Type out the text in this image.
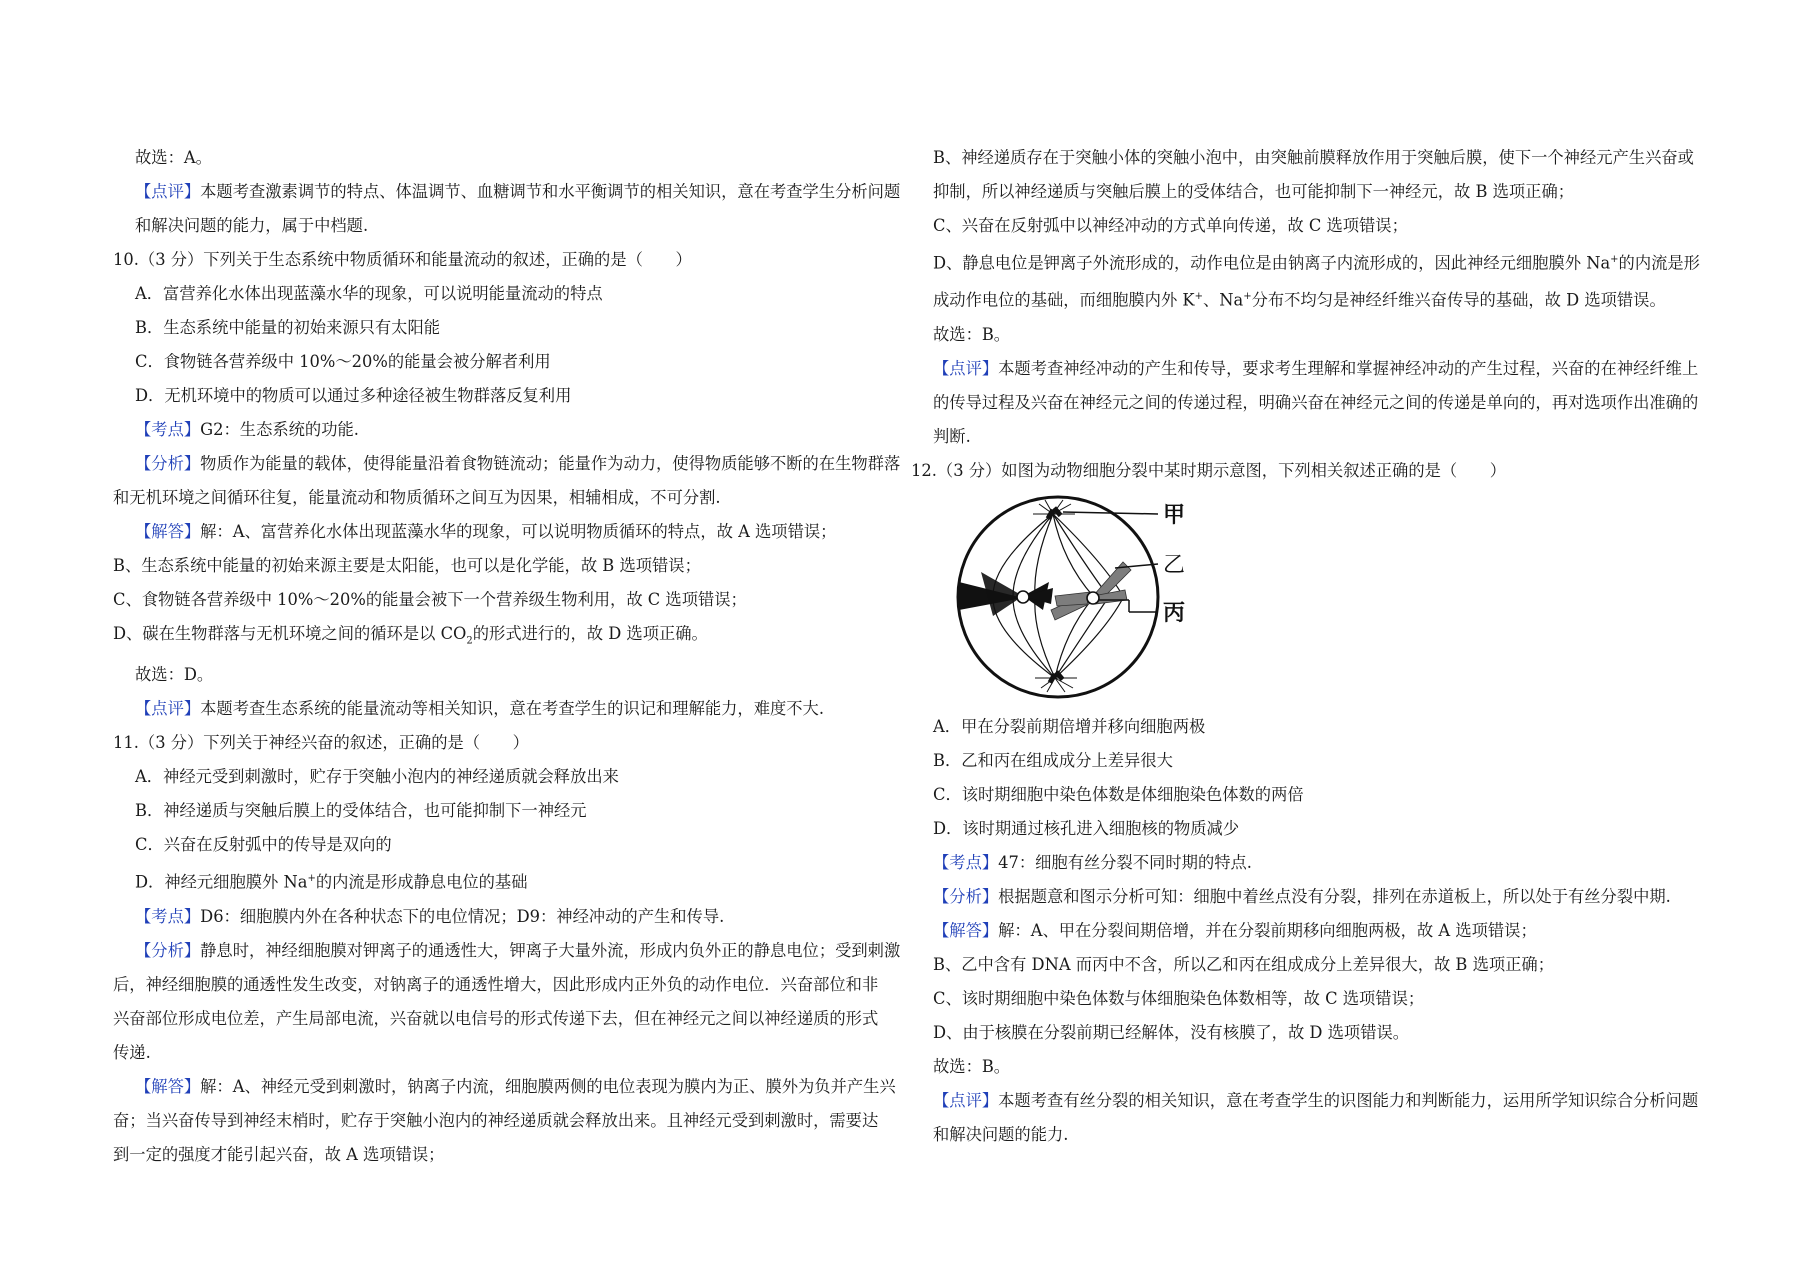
故选：A。
【点评】本题考查激素调节的特点、体温调节、血糖调节和水平衡调节的相关知识，意在考查学生分析问题
和解决问题的能力，属于中档题.
10.（3 分）下列关于生态系统中物质循环和能量流动的叙述，正确的是（　　）
A．富营养化水体出现蓝藻水华的现象，可以说明能量流动的特点
B．生态系统中能量的初始来源只有太阳能
C．食物链各营养级中 10%～20%的能量会被分解者利用
D．无机环境中的物质可以通过多种途径被生物群落反复利用
【考点】G2：生态系统的功能.
【分析】物质作为能量的载体，使得能量沿着食物链流动；能量作为动力，使得物质能够不断的在生物群落
和无机环境之间循环往复，能量流动和物质循环之间互为因果，相辅相成，不可分割.
【解答】解：A、富营养化水体出现蓝藻水华的现象，可以说明物质循环的特点，故 A 选项错误；
B、生态系统中能量的初始来源主要是太阳能，也可以是化学能，故 B 选项错误；
C、食物链各营养级中 10%～20%的能量会被下一个营养级生物利用，故 C 选项错误；
D、碳在生物群落与无机环境之间的循环是以 $CO_2$的形式进行的，故 D 选项正确。
故选：D。
【点评】本题考查生态系统的能量流动等相关知识，意在考查学生的识记和理解能力，难度不大.
11.（3 分）下列关于神经兴奋的叙述，正确的是（　　）
A．神经元受到刺激时，贮存于突触小泡内的神经递质就会释放出来
B．神经递质与突触后膜上的受体结合，也可能抑制下一神经元
C．兴奋在反射弧中的传导是双向的
D．神经元细胞膜外 Na+的内流是形成静息电位的基础
【考点】D6：细胞膜内外在各种状态下的电位情况；D9：神经冲动的产生和传导.
【分析】静息时，神经细胞膜对钾离子的通透性大，钾离子大量外流，形成内负外正的静息电位；受到刺激
后，神经细胞膜的通透性发生改变，对钠离子的通透性增大，因此形成内正外负的动作电位．兴奋部位和非
兴奋部位形成电位差，产生局部电流，兴奋就以电信号的形式传递下去，但在神经元之间以神经递质的形式
传递.
【解答】解：A、神经元受到刺激时，钠离子内流，细胞膜两侧的电位表现为膜内为正、膜外为负并产生兴
奋；当兴奋传导到神经末梢时，贮存于突触小泡内的神经递质就会释放出来。且神经元受到刺激时，需要达
到一定的强度才能引起兴奋，故 A 选项错误；
B、神经递质存在于突触小体的突触小泡中，由突触前膜释放作用于突触后膜，使下一个神经元产生兴奋或
抑制，所以神经递质与突触后膜上的受体结合，也可能抑制下一神经元，故 B 选项正确；
C、兴奋在反射弧中以神经冲动的方式单向传递，故 C 选项错误；
D、静息电位是钾离子外流形成的，动作电位是由钠离子内流形成的，因此神经元细胞膜外 Na+的内流是形
成动作电位的基础，而细胞膜内外 K+、Na+分布不均匀是神经纤维兴奋传导的基础，故 D 选项错误。
故选：B。
【点评】本题考查神经冲动的产生和传导，要求考生理解和掌握神经冲动的产生过程，兴奋的在神经纤维上
的传导过程及兴奋在神经元之间的传递过程，明确兴奋在神经元之间的传递是单向的，再对选项作出准确的
判断.
12.（3 分）如图为动物细胞分裂中某时期示意图，下列相关叙述正确的是（　　）
甲
乙
丙
A．甲在分裂前期倍增并移向细胞两极
B．乙和丙在组成成分上差异很大
C．该时期细胞中染色体数是体细胞染色体数的两倍
D．该时期通过核孔进入细胞核的物质减少
【考点】47：细胞有丝分裂不同时期的特点.
【分析】根据题意和图示分析可知：细胞中着丝点没有分裂，排列在赤道板上，所以处于有丝分裂中期.
【解答】解：A、甲在分裂间期倍增，并在分裂前期移向细胞两极，故 A 选项错误；
B、乙中含有 DNA 而丙中不含，所以乙和丙在组成成分上差异很大，故 B 选项正确；
C、该时期细胞中染色体数与体细胞染色体数相等，故 C 选项错误；
D、由于核膜在分裂前期已经解体，没有核膜了，故 D 选项错误。
故选：B。
【点评】本题考查有丝分裂的相关知识，意在考查学生的识图能力和判断能力，运用所学知识综合分析问题
和解决问题的能力.
